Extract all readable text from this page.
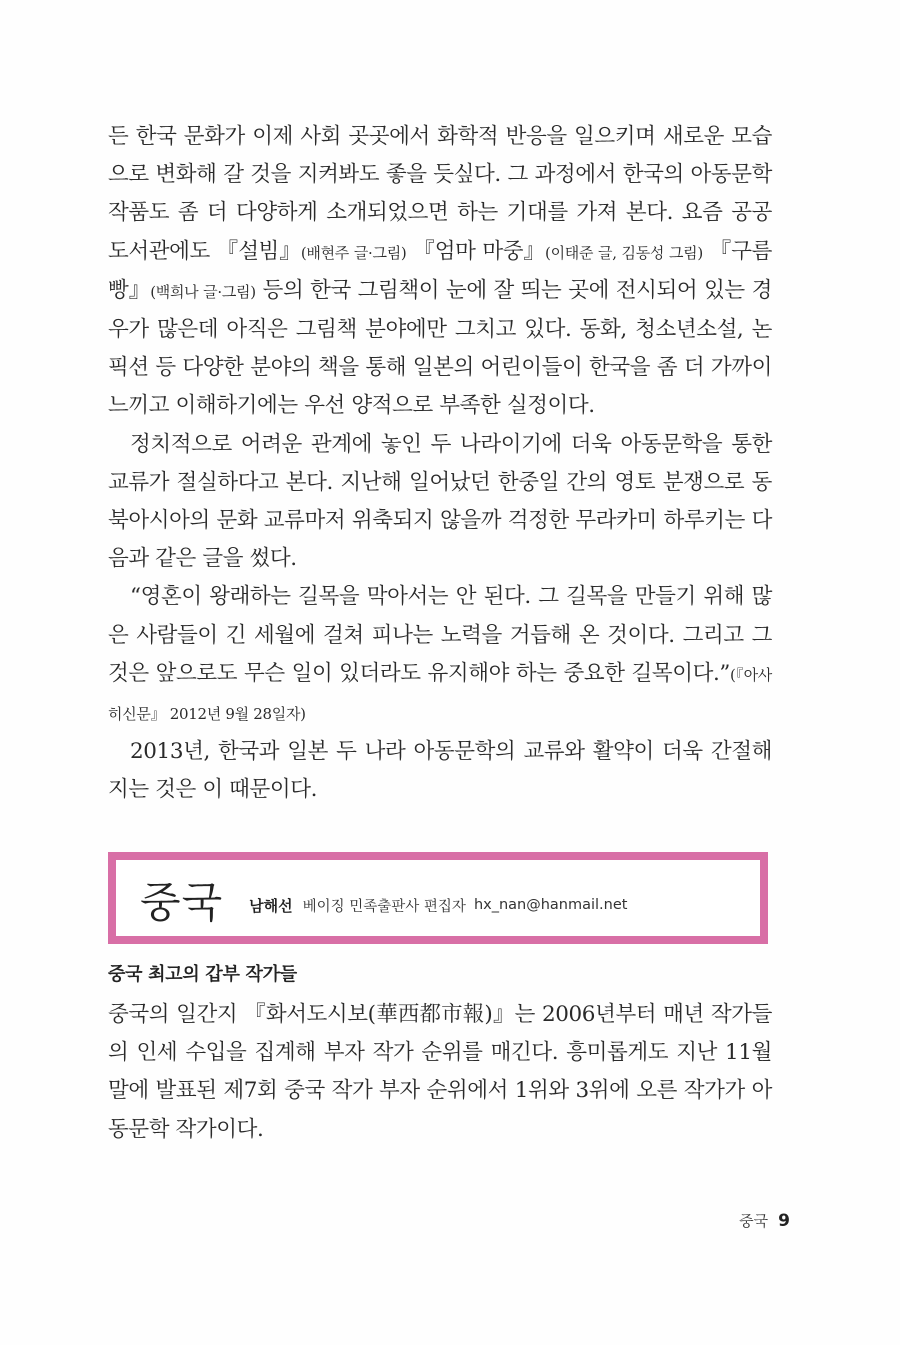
든 한국 문화가 이제 사회 곳곳에서 화학적 반응을 일으키며 새로운 모습으로 변화해 갈 것을 지켜봐도 좋을 듯싶다. 그 과정에서 한국의 아동문학 작품도 좀 더 다양하게 소개되었으면 하는 기대를 가져 본다. 요즘 공공 도서관에도 『설빔』(배현주 글·그림) 『엄마 마중』(이태준 글, 김동성 그림) 『구름빵』(백희나 글·그림) 등의 한국 그림책이 눈에 잘 띄는 곳에 전시되어 있는 경우가 많은데 아직은 그림책 분야에만 그치고 있다. 동화, 청소년소설, 논픽션 등 다양한 분야의 책을 통해 일본의 어린이들이 한국을 좀 더 가까이 느끼고 이해하기에는 우선 양적으로 부족한 실정이다.

정치적으로 어려운 관계에 놓인 두 나라이기에 더욱 아동문학을 통한 교류가 절실하다고 본다. 지난해 일어났던 한중일 간의 영토 분쟁으로 동북아시아의 문화 교류마저 위축되지 않을까 걱정한 무라카미 하루키는 다음과 같은 글을 썼다.

“영혼이 왕래하는 길목을 막아서는 안 된다. 그 길목을 만들기 위해 많은 사람들이 긴 세월에 걸쳐 피나는 노력을 거듭해 온 것이다. 그리고 그것은 앞으로도 무슨 일이 있더라도 유지해야 하는 중요한 길목이다.”(『아사히신문』 2012년 9월 28일자)

2013년, 한국과 일본 두 나라 아동문학의 교류와 활약이 더욱 간절해지는 것은 이 때문이다.

중국 남해선 베이징 민족출판사 편집자 hx_nan@hanmail.net
중국 최고의 갑부 작가들

중국의 일간지 『화서도시보(華西都市報)』는 2006년부터 매년 작가들의 인세 수입을 집계해 부자 작가 순위를 매긴다. 흥미롭게도 지난 11월 말에 발표된 제7회 중국 작가 부자 순위에서 1위와 3위에 오른 작가가 아동문학 작가이다.

중국 9
